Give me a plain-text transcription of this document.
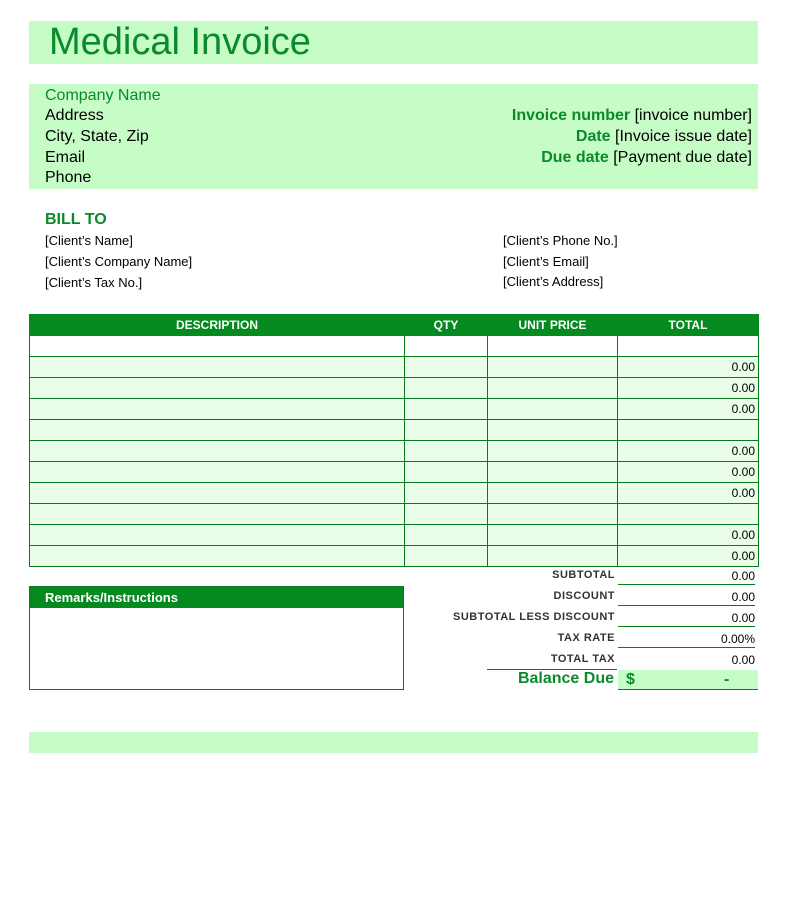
Medical Invoice
Company Name
Address
City, State, Zip
Email
Phone
Invoice number [invoice number]
Date [Invoice issue date]
Due date [Payment due date]
BILL TO
[Client’s Name]
[Client’s Company Name]
[Client’s Tax No.]
[Client’s Phone No.]
[Client’s Email]
[Client’s Address]
DESCRIPTION	QTY	UNIT PRICE	TOTAL

			0.00
			0.00
			0.00

			0.00
			0.00
			0.00

			0.00
			0.00
Remarks/Instructions
SUBTOTAL	0.00
DISCOUNT	0.00
SUBTOTAL LESS DISCOUNT	0.00
TAX RATE	0.00%
TOTAL TAX	0.00
Balance Due $	-
